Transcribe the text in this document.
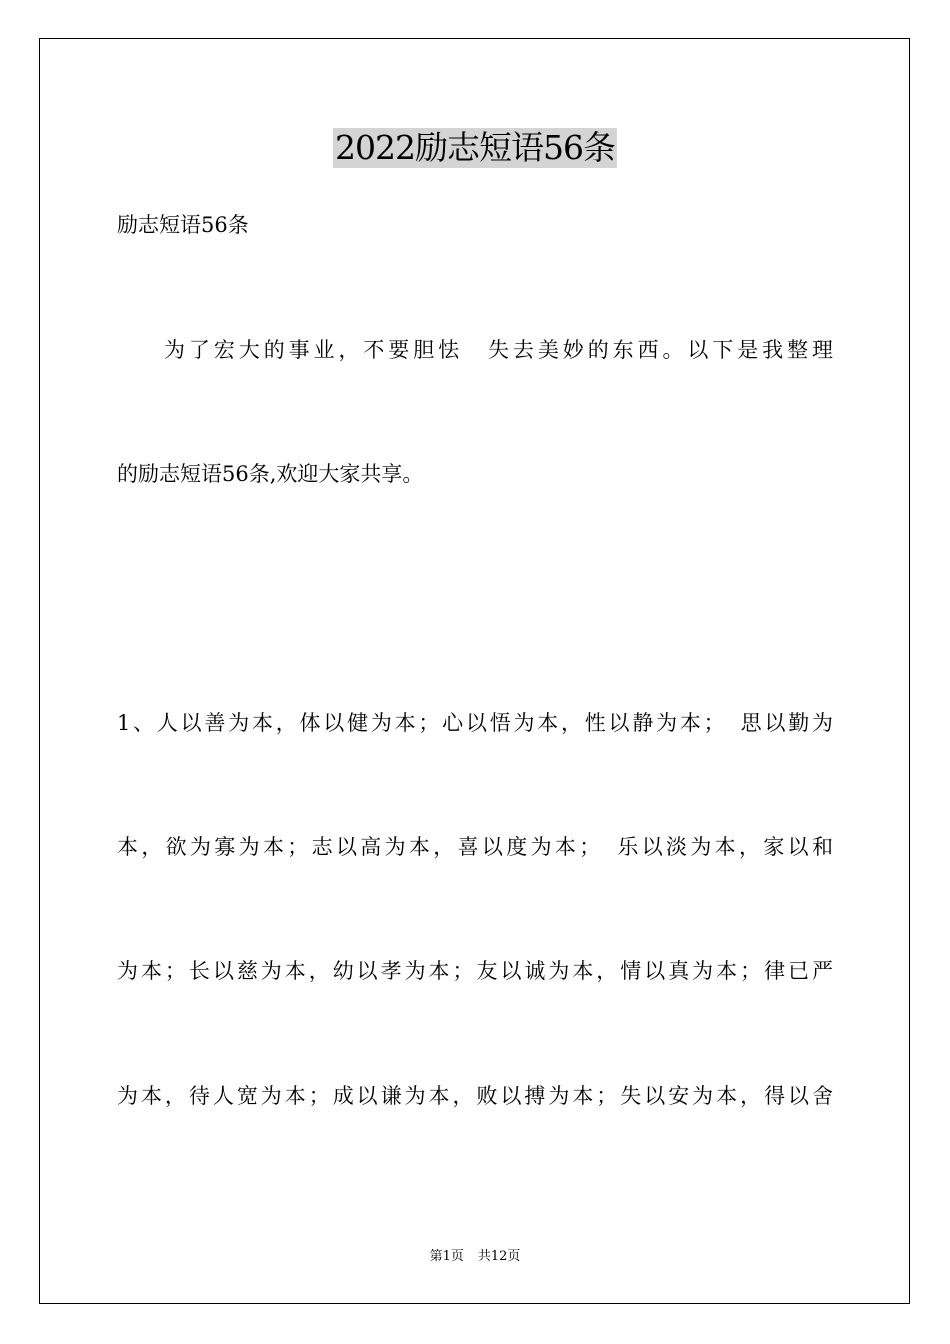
2022励志短语56条

励志短语56条

为了宏大的事业，不要胆怯　失去美妙的东西。以下是我整理

的励志短语56条,欢迎大家共享。

1、人以善为本，体以健为本；心以悟为本，性以静为本；　思以勤为

本，欲为寡为本；志以高为本，喜以度为本；　乐以淡为本，家以和

为本；长以慈为本，幼以孝为本；友以诚为本，情以真为本；律已严

为本，待人宽为本；成以谦为本，败以搏为本；失以安为本，得以舍

第1页 共12页
